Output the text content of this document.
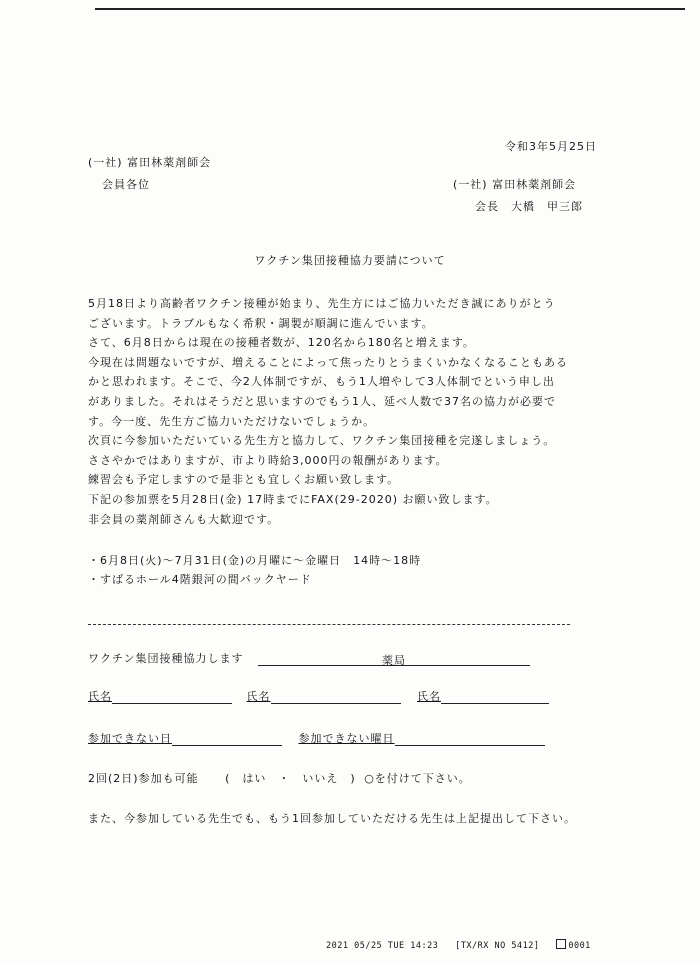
令和3年5月25日
(一社) 富田林薬剤師会
会員各位	(一社) 富田林薬剤師会
会長　大橋　甲三郎
ワクチン集団接種協力要請について

5月18日より高齢者ワクチン接種が始まり、先生方にはご協力いただき誠にありがとう

ございます。トラブルもなく希釈・調製が順調に進んでいます。

さて、6月8日からは現在の接種者数が、120名から180名と増えます。

今現在は問題ないですが、増えることによって焦ったりとうまくいかなくなることもある

かと思われます。そこで、今2人体制ですが、もう1人増やして3人体制でという申し出

がありました。それはそうだと思いますのでもう1人、延べ人数で37名の協力が必要で

す。今一度、先生方ご協力いただけないでしょうか。

次頁に今参加いただいている先生方と協力して、ワクチン集団接種を完遂しましょう。

ささやかではありますが、市より時給3,000円の報酬があります。

練習会も予定しますので是非とも宜しくお願い致します。

下記の参加票を5月28日(金) 17時までにFAX(29-2020) お願い致します。

非会員の薬剤師さんも大歓迎です。

・6月8日(火)〜7月31日(金)の月曜に〜金曜日　14時〜18時
・すばるホール4階銀河の間バックヤード
ワクチン集団接種協力します	薬局
氏名	氏名	氏名
参加できない日	参加できない曜日
2回(2日)参加も可能 (　はい　・　いいえ　) ○を付けて下さい。
また、今参加している先生でも、もう1回参加していただける先生は上記提出して下さい。
2021 05/25 TUE 14:23   [TX/RX NO 5412]	0001
